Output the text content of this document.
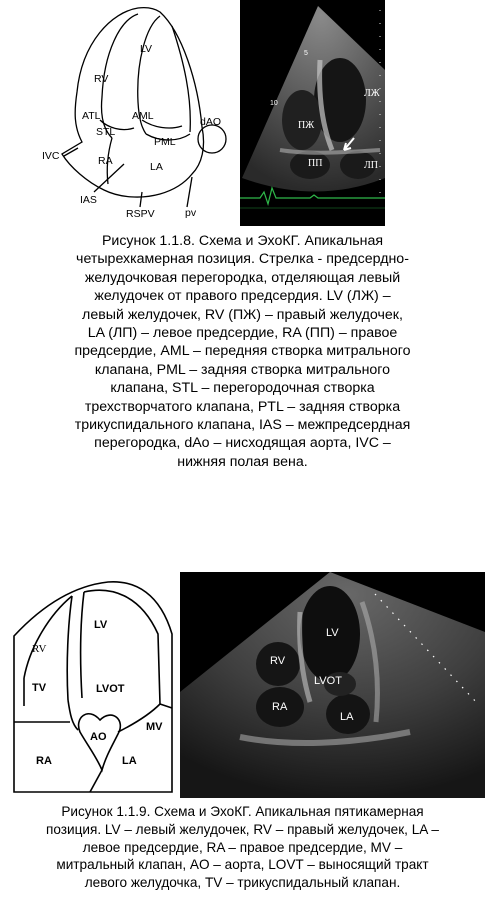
LV
RV
ATL	AML
STL
RA
IVC
PML
LA
dAO
IAS
RSPV	pv
10
5
ЛЖ
ПЖ
ПП	ЛП
Рисунок 1.1.8. Схема и ЭхоКГ. Апикальная
четырехкамерная позиция. Стрелка - предсердно-
желудочковая перегородка, отделяющая левый
желудочек от правого предсердия. LV (ЛЖ) –
левый желудочек, RV (ПЖ) – правый желудочек,
LA (ЛП) – левое предсердие, RA (ПП) – правое
предсердие, AML – передняя створка митрального
клапана, PML – задняя створка митрального
клапана, STL – перегородочная створка
трехстворчатого клапана, PTL – задняя створка
трикуспидального клапана, IAS – межпредсердная
перегородка, dAo – нисходящая аорта, IVC –
нижняя полая вена.
LV
RV
TV	LVOT
MV
AO
RA	LA
LV
RV
LVOT
RA
LA
Рисунок 1.1.9. Схема и ЭхоКГ. Апикальная пятикамерная
позиция. LV – левый желудочек, RV – правый желудочек, LA –
левое предсердие, RA – правое предсердие, MV –
митральный клапан, AO – аорта, LOVT – выносящий тракт
левого желудочка, TV – трикуспидальный клапан.
